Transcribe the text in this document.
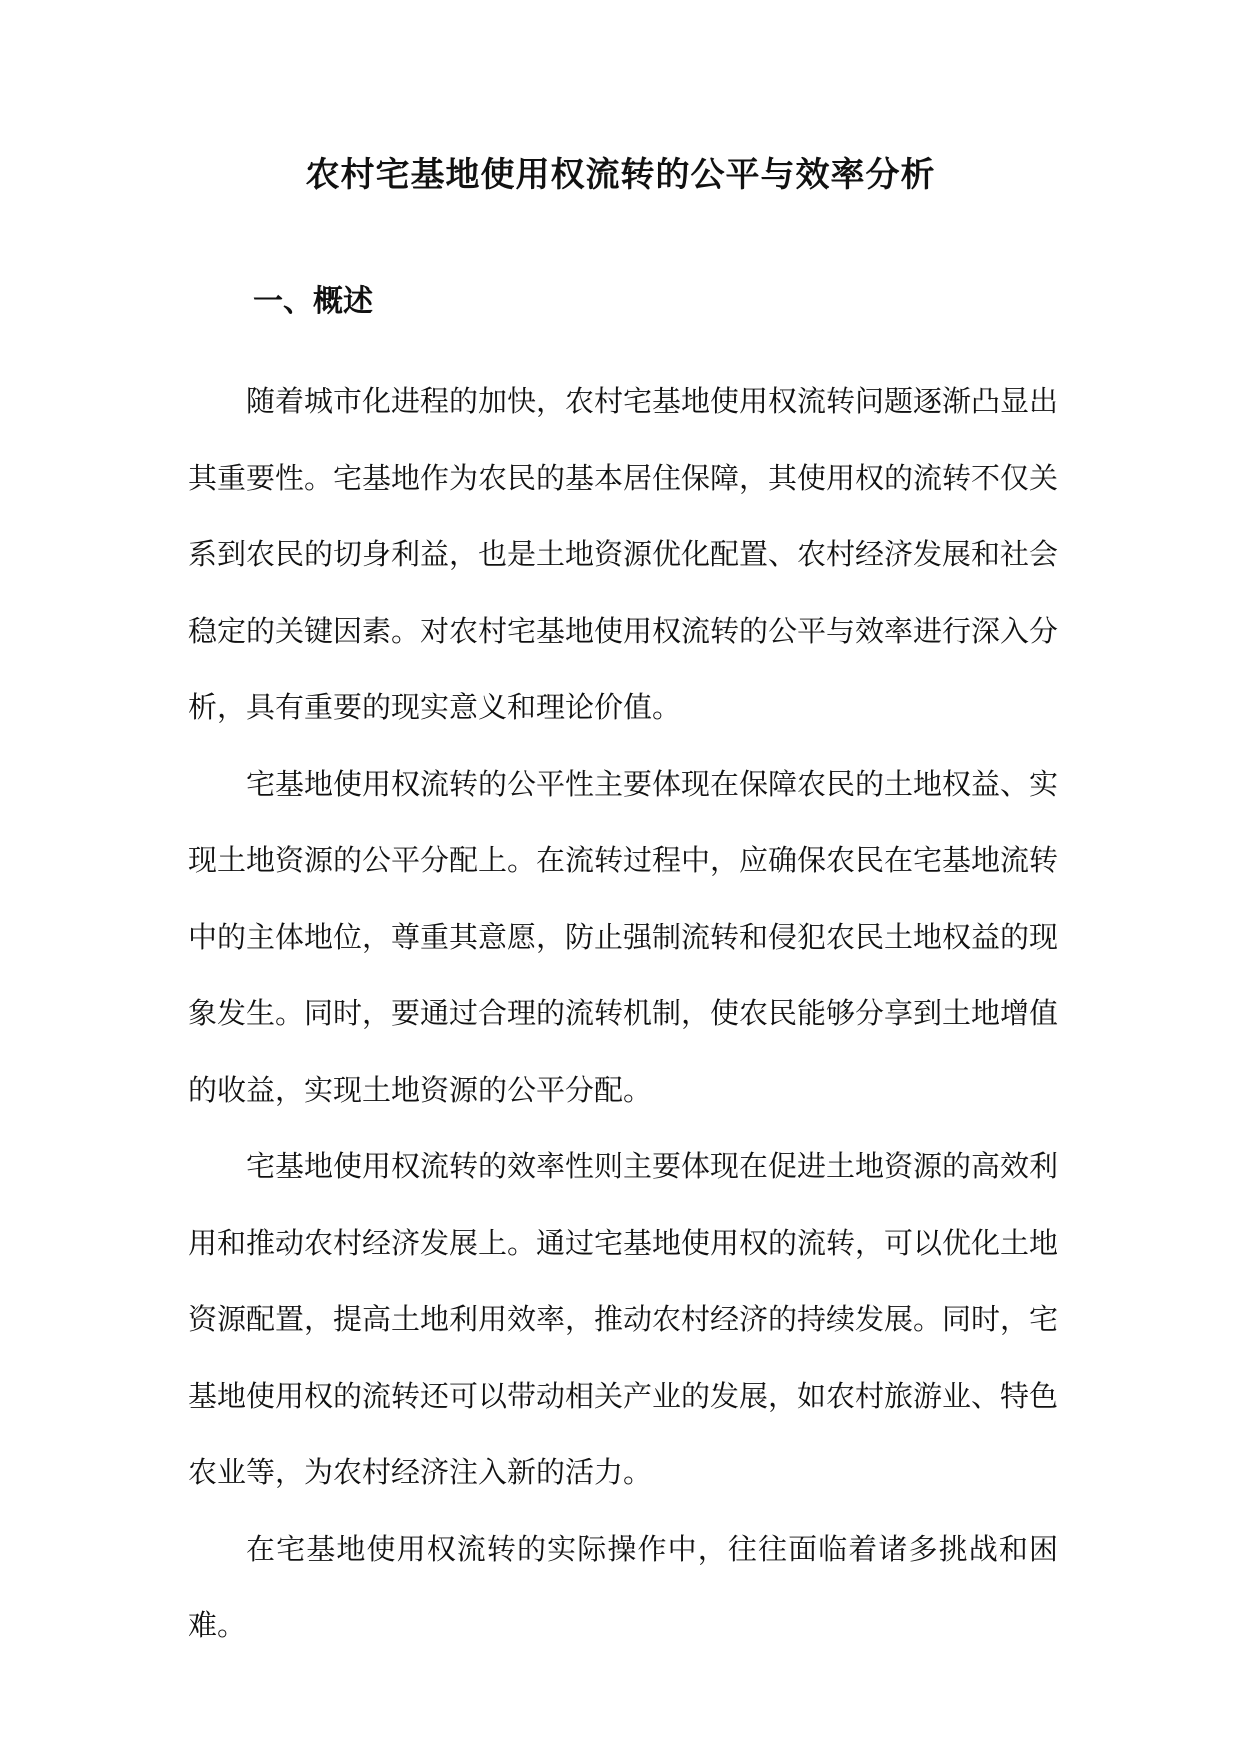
农村宅基地使用权流转的公平与效率分析
一、概述

随着城市化进程的加快，农村宅基地使用权流转问题逐渐凸显出其重要性。宅基地作为农民的基本居住保障，其使用权的流转不仅关系到农民的切身利益，也是土地资源优化配置、农村经济发展和社会稳定的关键因素。对农村宅基地使用权流转的公平与效率进行深入分析，具有重要的现实意义和理论价值。

宅基地使用权流转的公平性主要体现在保障农民的土地权益、实现土地资源的公平分配上。在流转过程中，应确保农民在宅基地流转中的主体地位，尊重其意愿，防止强制流转和侵犯农民土地权益的现象发生。同时，要通过合理的流转机制，使农民能够分享到土地增值的收益，实现土地资源的公平分配。

宅基地使用权流转的效率性则主要体现在促进土地资源的高效利用和推动农村经济发展上。通过宅基地使用权的流转，可以优化土地资源配置，提高土地利用效率，推动农村经济的持续发展。同时，宅基地使用权的流转还可以带动相关产业的发展，如农村旅游业、特色农业等，为农村经济注入新的活力。

在宅基地使用权流转的实际操作中，往往面临着诸多挑战和困难。
